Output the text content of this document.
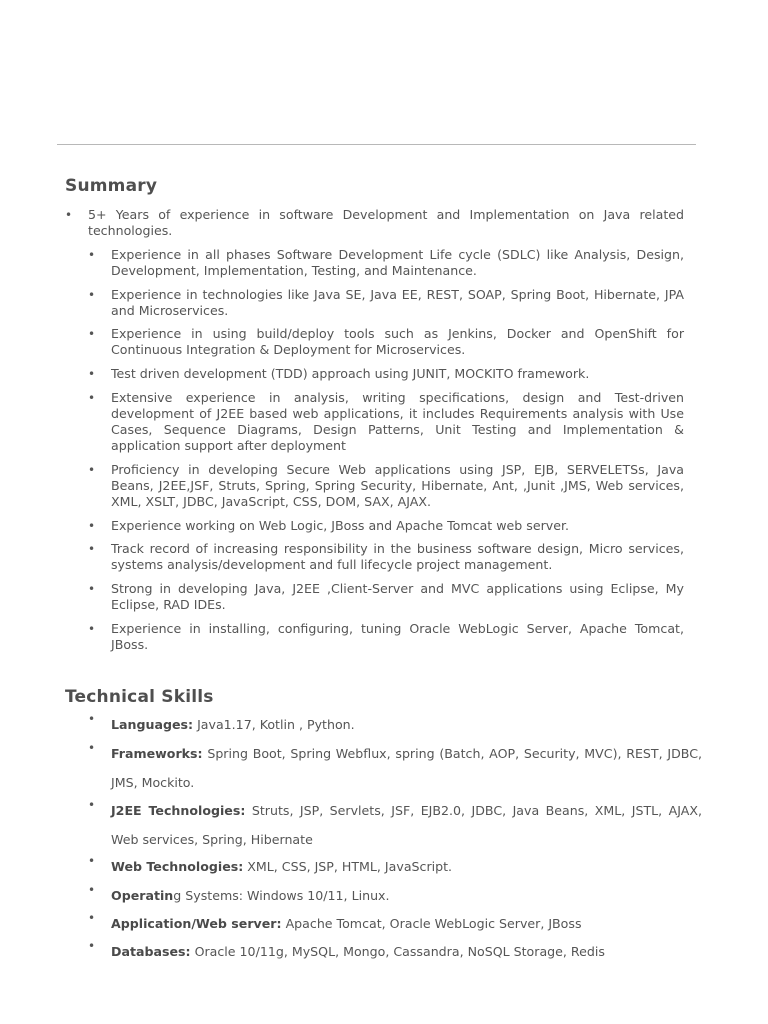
Summary
• 5+ Years of experience in software Development and Implementation on Java related technologies.
• Experience in all phases Software Development Life cycle (SDLC) like Analysis, Design, Development, Implementation, Testing, and Maintenance.
• Experience in technologies like Java SE, Java EE, REST, SOAP, Spring Boot, Hibernate, JPA and Microservices.
• Experience in using build/deploy tools such as Jenkins, Docker and OpenShift for Continuous Integration & Deployment for Microservices.
• Test driven development (TDD) approach using JUNIT, MOCKITO framework.
• Extensive experience in analysis, writing specifications, design and Test-driven development of J2EE based web applications, it includes Requirements analysis with Use Cases, Sequence Diagrams, Design Patterns, Unit Testing and Implementation & application support after deployment
• Proficiency in developing Secure Web applications using JSP, EJB, SERVELETSs, Java Beans, J2EE,JSF, Struts, Spring, Spring Security, Hibernate, Ant, ,Junit ,JMS, Web services, XML, XSLT, JDBC, JavaScript, CSS, DOM, SAX, AJAX.
• Experience working on Web Logic, JBoss and Apache Tomcat web server.
• Track record of increasing responsibility in the business software design, Micro services, systems analysis/development and full lifecycle project management.
• Strong in developing Java, J2EE ,Client-Server and MVC applications using Eclipse, My Eclipse, RAD IDEs.
• Experience in installing, configuring, tuning Oracle WebLogic Server, Apache Tomcat, JBoss.
Technical Skills
• Languages: Java1.17, Kotlin , Python.
• Frameworks: Spring Boot, Spring Webflux, spring (Batch, AOP, Security, MVC), REST, JDBC, JMS, Mockito.
• J2EE Technologies: Struts, JSP, Servlets, JSF, EJB2.0, JDBC, Java Beans, XML, JSTL, AJAX, Web services, Spring, Hibernate
• Web Technologies: XML, CSS, JSP, HTML, JavaScript.
• Operating Systems: Windows 10/11, Linux.
• Application/Web server: Apache Tomcat, Oracle WebLogic Server, JBoss
• Databases: Oracle 10/11g, MySQL, Mongo, Cassandra, NoSQL Storage, Redis
